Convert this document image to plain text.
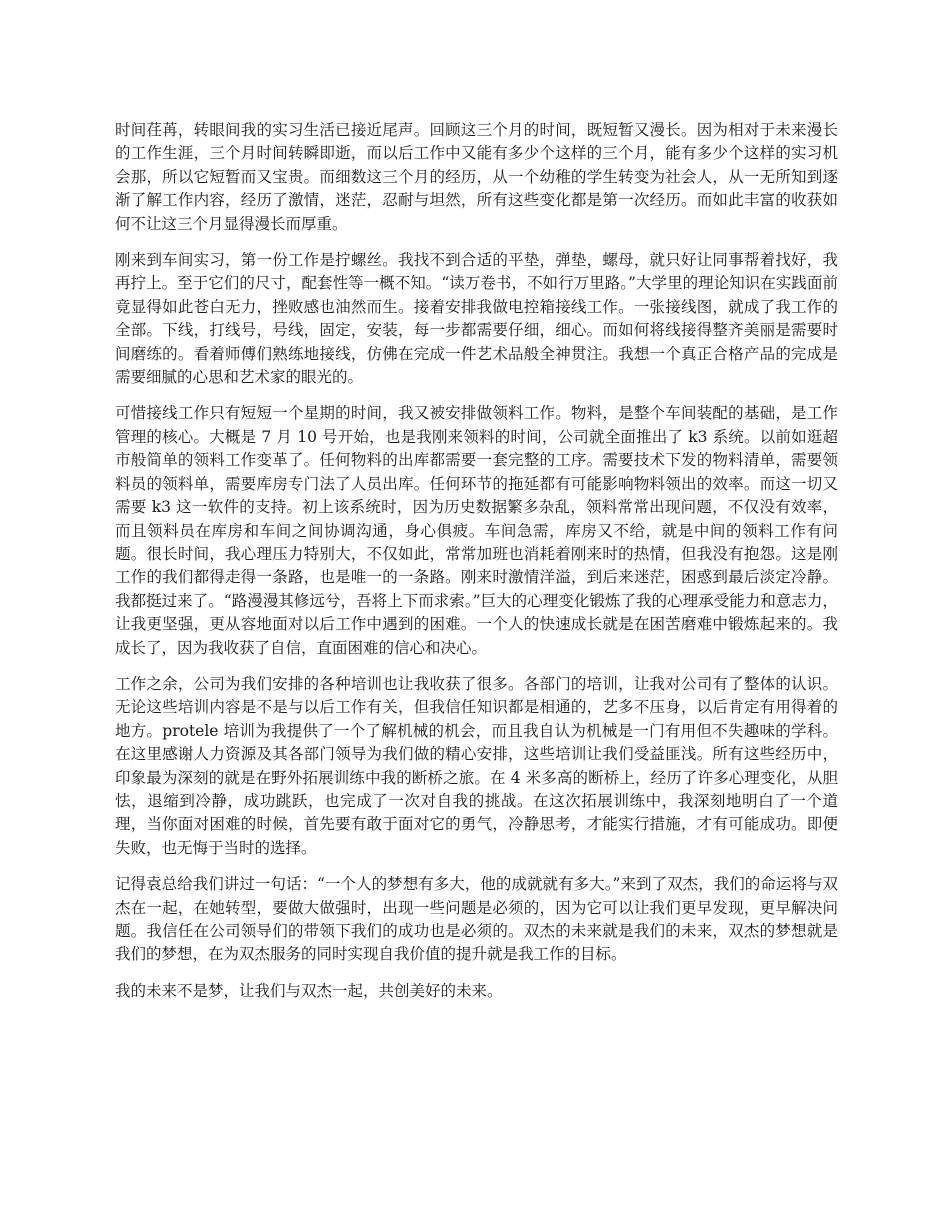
时间荏苒，转眼间我的实习生活已接近尾声。回顾这三个月的时间，既短暂又漫长。因为相对于未来漫长的工作生涯，三个月时间转瞬即逝，而以后工作中又能有多少个这样的三个月，能有多少个这样的实习机会那，所以它短暂而又宝贵。而细数这三个月的经历，从一个幼稚的学生转变为社会人，从一无所知到逐渐了解工作内容，经历了激情，迷茫，忍耐与坦然，所有这些变化都是第一次经历。而如此丰富的收获如何不让这三个月显得漫长而厚重。

刚来到车间实习，第一份工作是拧螺丝。我找不到合适的平垫，弹垫，螺母，就只好让同事帮着找好，我再拧上。至于它们的尺寸，配套性等一概不知。“读万卷书，不如行万里路。”大学里的理论知识在实践面前竟显得如此苍白无力，挫败感也油然而生。接着安排我做电控箱接线工作。一张接线图，就成了我工作的全部。下线，打线号，号线，固定，安装，每一步都需要仔细，细心。而如何将线接得整齐美丽是需要时间磨练的。看着师傅们熟练地接线，仿佛在完成一件艺术品般全神贯注。我想一个真正合格产品的完成是需要细腻的心思和艺术家的眼光的。

可惜接线工作只有短短一个星期的时间，我又被安排做领料工作。物料，是整个车间装配的基础，是工作管理的核心。大概是 7 月 10 号开始，也是我刚来领料的时间，公司就全面推出了 k3 系统。以前如逛超市般简单的领料工作变革了。任何物料的出库都需要一套完整的工序。需要技术下发的物料清单，需要领料员的领料单，需要库房专门法了人员出库。任何环节的拖延都有可能影响物料领出的效率。而这一切又需要 k3 这一软件的支持。初上该系统时，因为历史数据繁多杂乱，领料常常出现问题，不仅没有效率，而且领料员在库房和车间之间协调沟通，身心俱疲。车间急需，库房又不给，就是中间的领料工作有问题。很长时间，我心理压力特别大，不仅如此，常常加班也消耗着刚来时的热情，但我没有抱怨。这是刚工作的我们都得走得一条路，也是唯一的一条路。刚来时激情洋溢，到后来迷茫，困惑到最后淡定冷静。我都挺过来了。“路漫漫其修远兮，吾将上下而求索。”巨大的心理变化锻炼了我的心理承受能力和意志力，让我更坚强，更从容地面对以后工作中遇到的困难。一个人的快速成长就是在困苦磨难中锻炼起来的。我成长了，因为我收获了自信，直面困难的信心和决心。

工作之余，公司为我们安排的各种培训也让我收获了很多。各部门的培训，让我对公司有了整体的认识。无论这些培训内容是不是与以后工作有关，但我信任知识都是相通的，艺多不压身，以后肯定有用得着的地方。protele 培训为我提供了一个了解机械的机会，而且我自认为机械是一门有用但不失趣味的学科。在这里感谢人力资源及其各部门领导为我们做的精心安排，这些培训让我们受益匪浅。所有这些经历中，印象最为深刻的就是在野外拓展训练中我的断桥之旅。在 4 米多高的断桥上，经历了许多心理变化，从胆怯，退缩到冷静，成功跳跃，也完成了一次对自我的挑战。在这次拓展训练中，我深刻地明白了一个道理，当你面对困难的时候，首先要有敢于面对它的勇气，冷静思考，才能实行措施，才有可能成功。即便失败，也无悔于当时的选择。

记得袁总给我们讲过一句话：“一个人的梦想有多大，他的成就就有多大。”来到了双杰，我们的命运将与双杰在一起，在她转型，要做大做强时，出现一些问题是必须的，因为它可以让我们更早发现，更早解决问题。我信任在公司领导们的带领下我们的成功也是必须的。双杰的未来就是我们的未来，双杰的梦想就是我们的梦想，在为双杰服务的同时实现自我价值的提升就是我工作的目标。

我的未来不是梦，让我们与双杰一起，共创美好的未来。
